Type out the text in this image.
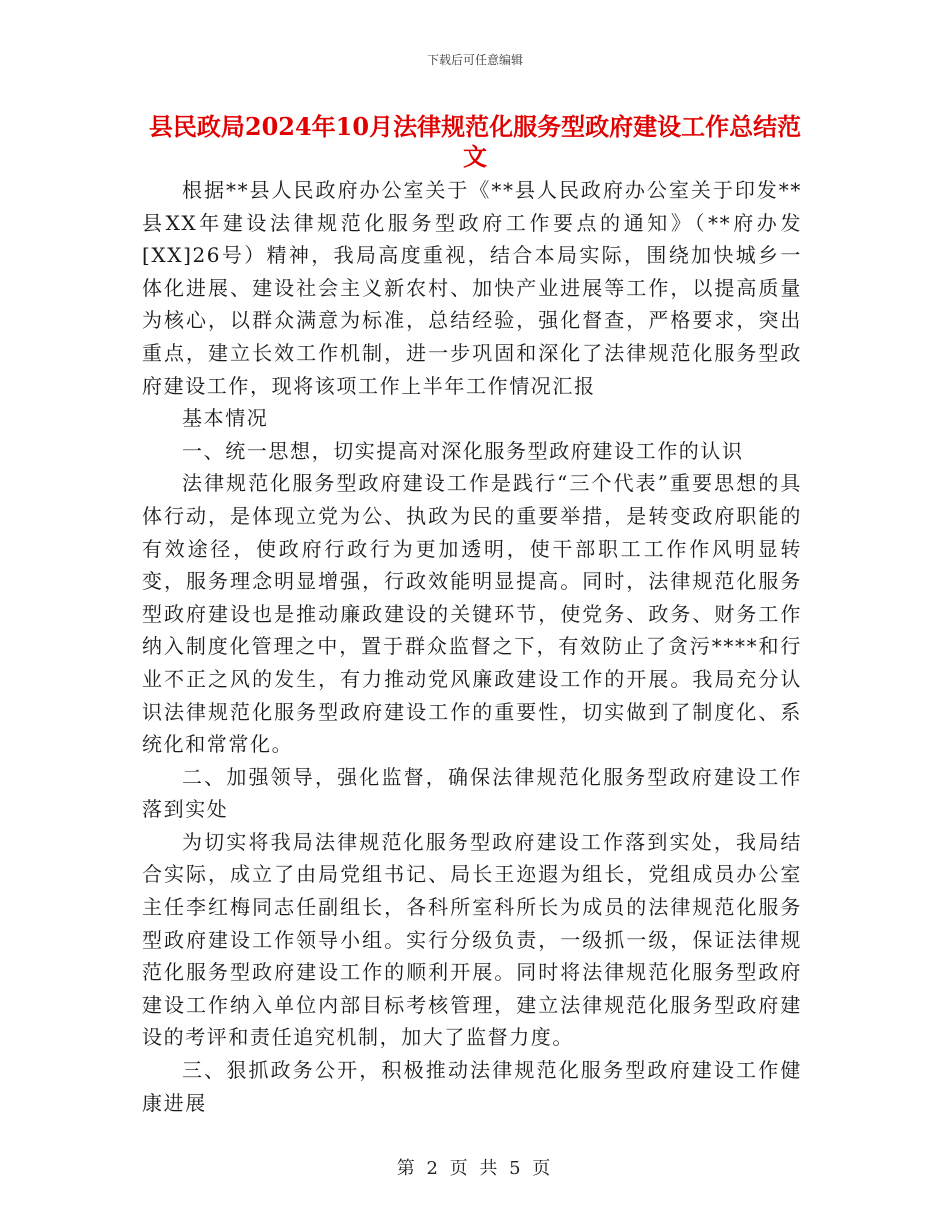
下载后可任意编辑
县民政局2024年10月法律规范化服务型政府建设工作总结范文

根据**县人民政府办公室关于《**县人民政府办公室关于印发**县XX年建设法律规范化服务型政府工作要点的通知》（**府办发[XX]26号）精神，我局高度重视，结合本局实际，围绕加快城乡一体化进展、建设社会主义新农村、加快产业进展等工作，以提高质量为核心，以群众满意为标准，总结经验，强化督查，严格要求，突出重点，建立长效工作机制，进一步巩固和深化了法律规范化服务型政府建设工作，现将该项工作上半年工作情况汇报

基本情况

一、统一思想，切实提高对深化服务型政府建设工作的认识

法律规范化服务型政府建设工作是践行“三个代表”重要思想的具体行动，是体现立党为公、执政为民的重要举措，是转变政府职能的有效途径，使政府行政行为更加透明，使干部职工工作作风明显转变，服务理念明显增强，行政效能明显提高。同时，法律规范化服务型政府建设也是推动廉政建设的关键环节，使党务、政务、财务工作纳入制度化管理之中，置于群众监督之下，有效防止了贪污****和行业不正之风的发生，有力推动党风廉政建设工作的开展。我局充分认识法律规范化服务型政府建设工作的重要性，切实做到了制度化、系统化和常常化。

二、加强领导，强化监督，确保法律规范化服务型政府建设工作落到实处

为切实将我局法律规范化服务型政府建设工作落到实处，我局结合实际，成立了由局党组书记、局长王迩遐为组长，党组成员办公室主任李红梅同志任副组长，各科所室科所长为成员的法律规范化服务型政府建设工作领导小组。实行分级负责，一级抓一级，保证法律规范化服务型政府建设工作的顺利开展。同时将法律规范化服务型政府建设工作纳入单位内部目标考核管理，建立法律规范化服务型政府建设的考评和责任追究机制，加大了监督力度。

三、狠抓政务公开，积极推动法律规范化服务型政府建设工作健康进展

第 2 页 共 5 页
